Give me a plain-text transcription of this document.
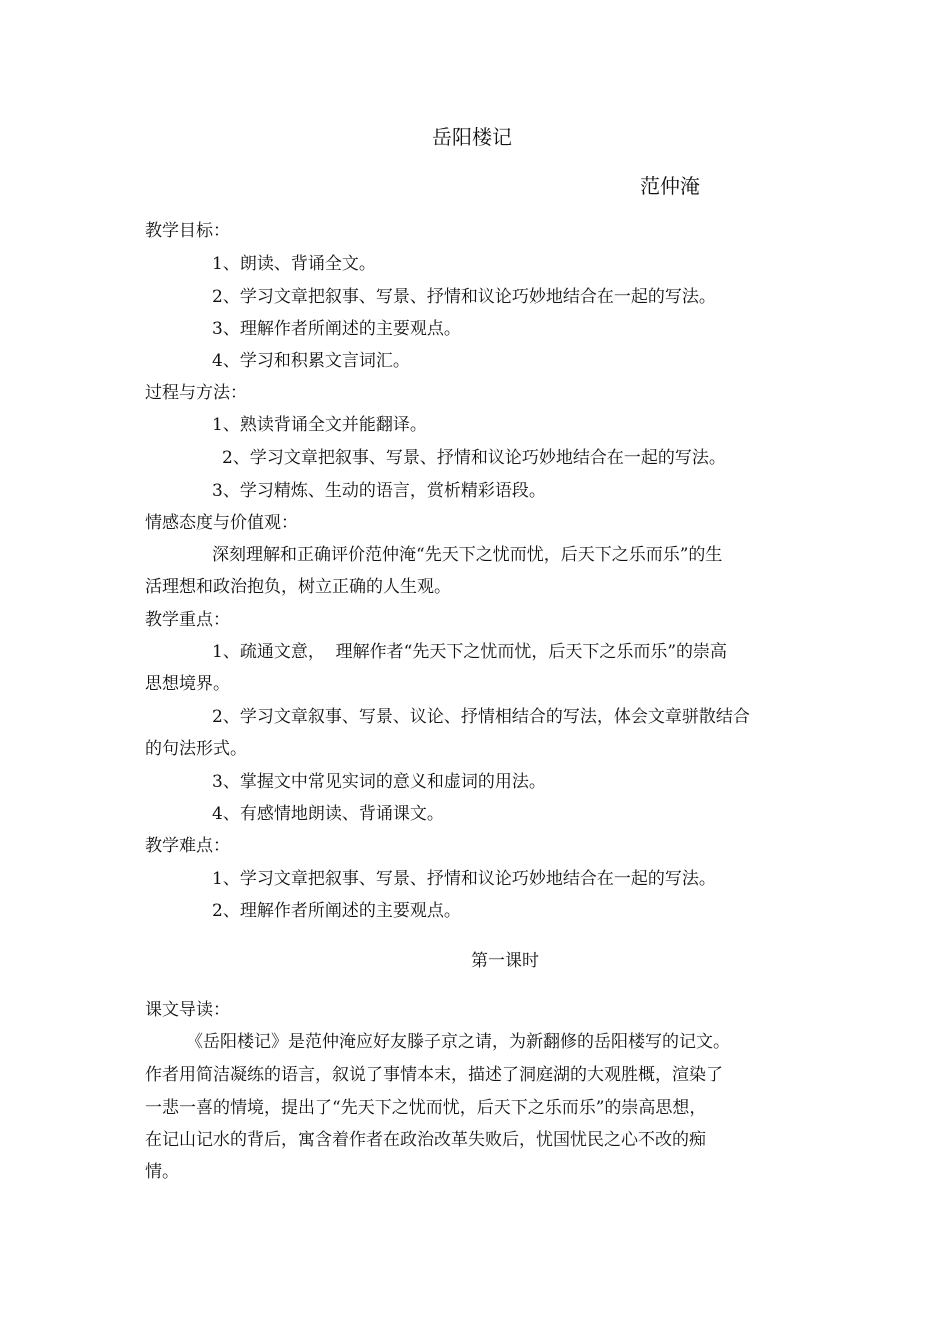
岳阳楼记
范仲淹
教学目标：
1、朗读、背诵全文。
2、学习文章把叙事、写景、抒情和议论巧妙地结合在一起的写法。
3、理解作者所阐述的主要观点。
4、学习和积累文言词汇。
过程与方法：
1、熟读背诵全文并能翻译。
2、学习文章把叙事、写景、抒情和议论巧妙地结合在一起的写法。
3、学习精炼、生动的语言，赏析精彩语段。
情感态度与价值观：
深刻理解和正确评价范仲淹“先天下之忧而忧，后天下之乐而乐”的生
活理想和政治抱负，树立正确的人生观。
教学重点：
1、疏通文意，  理解作者“先天下之忧而忧，后天下之乐而乐”的崇高
思想境界。
2、学习文章叙事、写景、议论、抒情相结合的写法，体会文章骈散结合
的句法形式。
3、掌握文中常见实词的意义和虚词的用法。
4、有感情地朗读、背诵课文。
教学难点：
1、学习文章把叙事、写景、抒情和议论巧妙地结合在一起的写法。
2、理解作者所阐述的主要观点。
第一课时
课文导读：
《岳阳楼记》是范仲淹应好友滕子京之请，为新翻修的岳阳楼写的记文。
作者用简洁凝练的语言，叙说了事情本末，描述了洞庭湖的大观胜概，渲染了
一悲一喜的情境，提出了“先天下之忧而忧，后天下之乐而乐”的崇高思想，
在记山记水的背后，寓含着作者在政治改革失败后，忧国忧民之心不改的痴
情。
